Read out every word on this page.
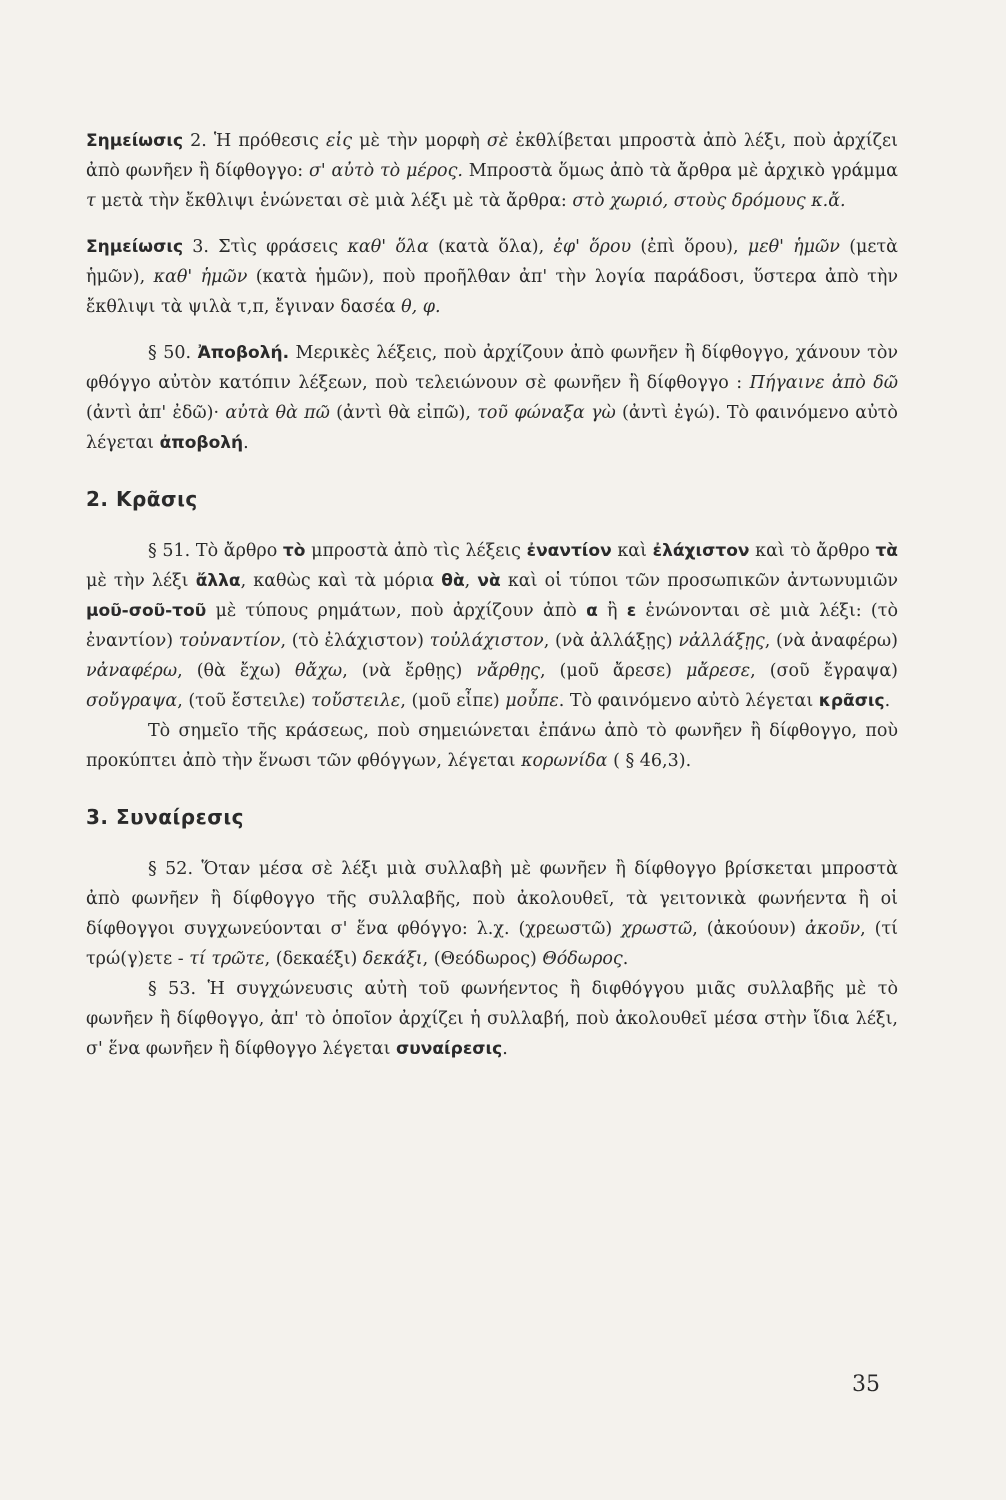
Σημείωσις 2. Ἡ πρόθεσις εἰς μὲ τὴν μορφὴ σὲ ἐκθλίβεται μπροστὰ ἀπὸ λέξι, ποὺ ἀρχίζει ἀπὸ φωνῆεν ἢ δίφθογγο: σ' αὐτὸ τὸ μέρος. Μπροστὰ ὅμως ἀπὸ τὰ ἄρθρα μὲ ἀρχικὸ γράμμα τ μετὰ τὴν ἔκθλιψι ἑνώνεται σὲ μιὰ λέξι μὲ τὰ ἄρθρα: στὸ χωριό, στοὺς δρόμους κ.ἄ.

Σημείωσις 3. Στὶς φράσεις καθ' ὅλα (κατὰ ὅλα), ἐφ' ὅρου (ἐπὶ ὅρου), μεθ' ἡμῶν (μετὰ ἡμῶν), καθ' ἡμῶν (κατὰ ἡμῶν), ποὺ προῆλθαν ἀπ' τὴν λογία παράδοσι, ὕστερα ἀπὸ τὴν ἔκθλιψι τὰ ψιλὰ τ,π, ἔγιναν δασέα θ, φ.

§ 50. Ἀποβολή. Μερικὲς λέξεις, ποὺ ἀρχίζουν ἀπὸ φωνῆεν ἢ δίφθογγο, χάνουν τὸν φθόγγο αὐτὸν κατόπιν λέξεων, ποὺ τελειώνουν σὲ φωνῆεν ἢ δίφθογγο : Πήγαινε ἀπὸ δῶ (ἀντὶ ἀπ' ἐδῶ)· αὐτὰ θὰ πῶ (ἀντὶ θὰ εἰπῶ), τοῦ φώναξα γὼ (ἀντὶ ἐγώ). Τὸ φαινόμενο αὐτὸ λέγεται ἀποβολή.

2. Κρᾶσις

§ 51. Τὸ ἄρθρο τὸ μπροστὰ ἀπὸ τὶς λέξεις ἐναντίον καὶ ἐλάχιστον καὶ τὸ ἄρθρο τὰ μὲ τὴν λέξι ἄλλα, καθὼς καὶ τὰ μόρια θὰ, νὰ καὶ οἱ τύποι τῶν προσωπικῶν ἀντωνυμιῶν μοῦ-σοῦ-τοῦ μὲ τύπους ρημάτων, ποὺ ἀρχίζουν ἀπὸ α ἢ ε ἑνώνονται σὲ μιὰ λέξι: (τὸ ἐναντίον) τοὐναντίον, (τὸ ἐλάχιστον) τοὐλάχιστον, (νὰ ἀλλάξῃς) νἀλλάξῃς, (νὰ ἀναφέρω) νἀναφέρω, (θὰ ἔχω) θἄχω, (νὰ ἔρθῃς) νἄρθῃς, (μοῦ ἄρεσε) μἄρεσε, (σοῦ ἔγραψα) σοὔγραψα, (τοῦ ἔστειλε) τοὔστειλε, (μοῦ εἶπε) μοὖπε. Τὸ φαινόμενο αὐτὸ λέγεται κρᾶσις.

Τὸ σημεῖο τῆς κράσεως, ποὺ σημειώνεται ἐπάνω ἀπὸ τὸ φωνῆεν ἢ δίφθογγο, ποὺ προκύπτει ἀπὸ τὴν ἕνωσι τῶν φθόγγων, λέγεται κορωνίδα ( § 46,3).

3. Συναίρεσις

§ 52. Ὅταν μέσα σὲ λέξι μιὰ συλλαβὴ μὲ φωνῆεν ἢ δίφθογγο βρίσκεται μπροστὰ ἀπὸ φωνῆεν ἢ δίφθογγο τῆς συλλαβῆς, ποὺ ἀκολουθεῖ, τὰ γειτονικὰ φωνήεντα ἢ οἱ δίφθογγοι συγχωνεύονται σ' ἕνα φθόγγο: λ.χ. (χρεωστῶ) χρωστῶ, (ἀκούουν) ἀκοῦν, (τί τρώ(γ)ετε - τί τρῶτε, (δεκαέξι) δεκάξι, (Θεόδωρος) Θόδωρος.

§ 53. Ἡ συγχώνευσις αὐτὴ τοῦ φωνήεντος ἢ διφθόγγου μιᾶς συλλαβῆς μὲ τὸ φωνῆεν ἢ δίφθογγο, ἀπ' τὸ ὁποῖον ἀρχίζει ἡ συλλαβή, ποὺ ἀκολουθεῖ μέσα στὴν ἴδια λέξι, σ' ἕνα φωνῆεν ἢ δίφθογγο λέγεται συναίρεσις.

35
